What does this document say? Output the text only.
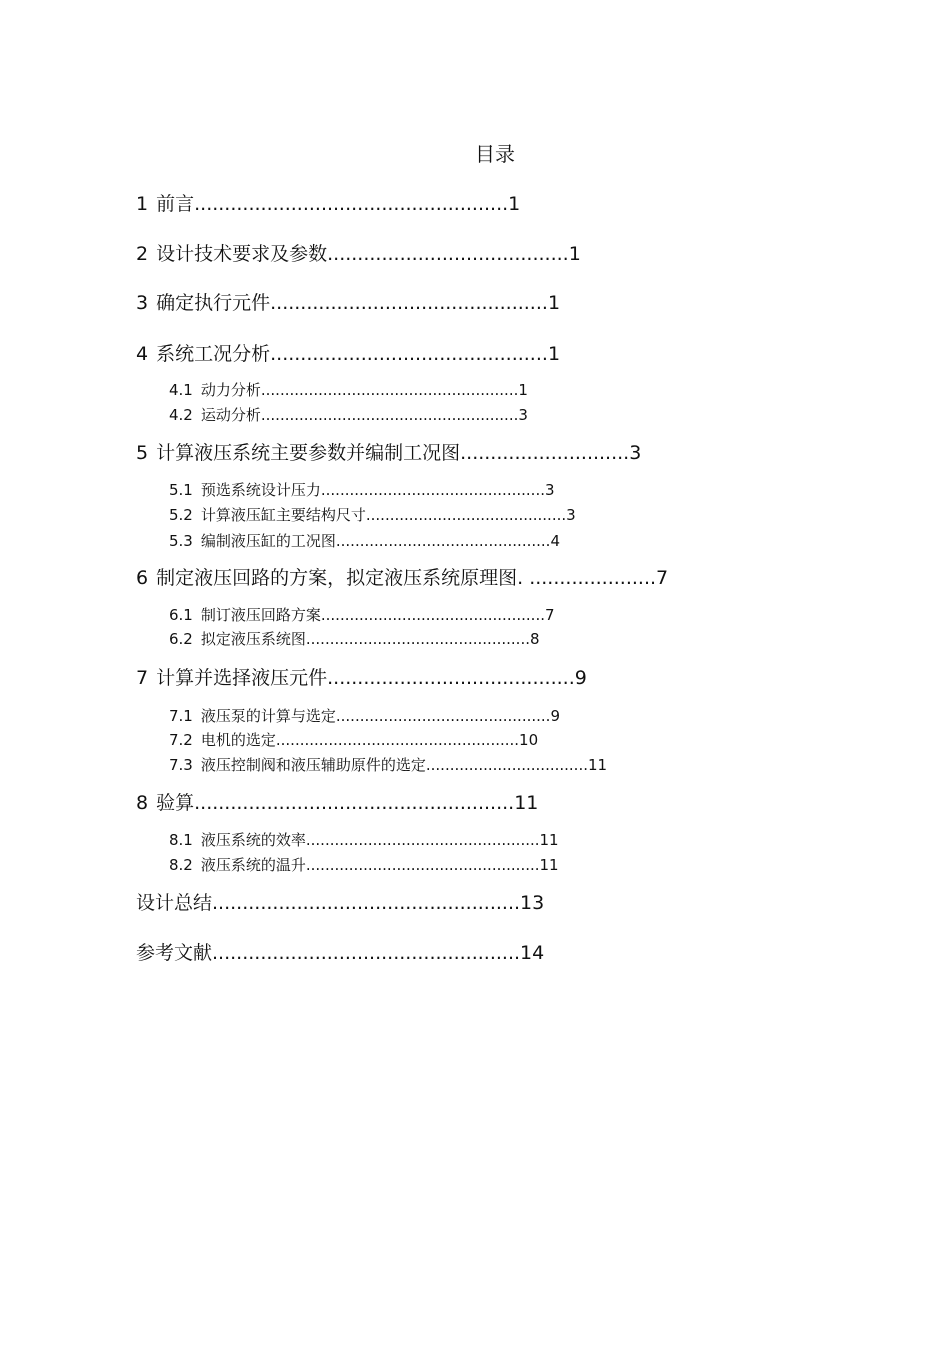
目录
1 前言 .................................................... 1
2 设计技术要求及参数 ........................................ 1
3 确定执行元件 .............................................. 1
4 系统工况分析 .............................................. 1
4.1 动力分析 ...................................................... 1
4.2 运动分析 ...................................................... 3
5 计算液压系统主要参数并编制工况图 ............................ 3
5.1 预选系统设计压力 ............................................... 3
5.2 计算液压缸主要结构尺寸 .......................................... 3
5.3 编制液压缸的工况图 ............................................. 4
6 制定液压回路的方案，拟定液压系统原理图 . ..................... 7
6.1 制订液压回路方案 ............................................... 7
6.2 拟定液压系统图 ............................................... 8
7 计算并选择液压元件 ......................................... 9
7.1 液压泵的计算与选定 ............................................. 9
7.2 电机的选定 ................................................... 10
7.3 液压控制阀和液压辅助原件的选定 .................................. 11
8 验算 ..................................................... 11
8.1 液压系统的效率 ................................................. 11
8.2 液压系统的温升 ................................................. 11
设计总结 ................................................... 13
参考文献 ................................................... 14
